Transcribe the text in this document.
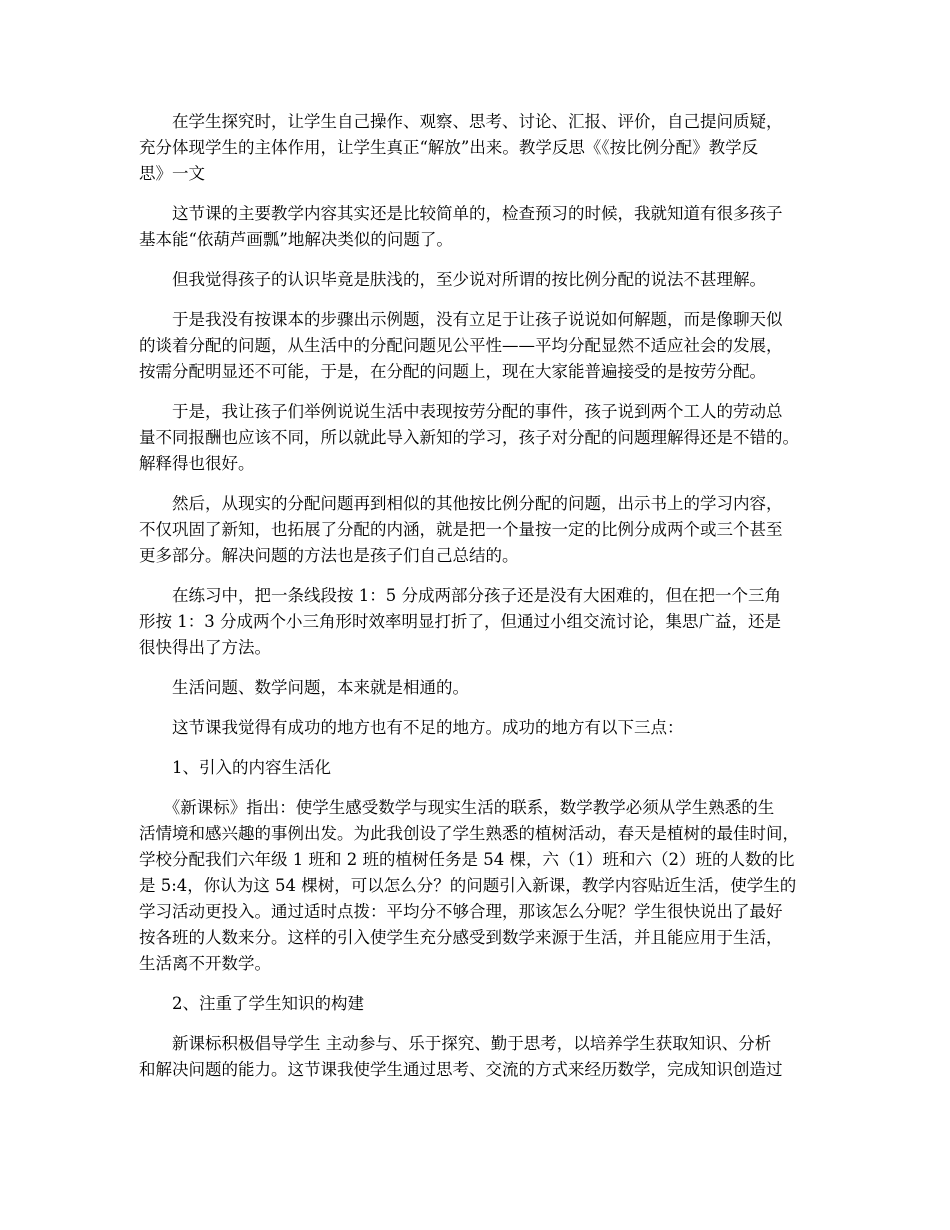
　　在学生探究时，让学生自己操作、观察、思考、讨论、汇报、评价，自己提问质疑，
充分体现学生的主体作用，让学生真正“解放”出来。教学反思《《按比例分配》教学反
思》一文

　　这节课的主要教学内容其实还是比较简单的，检查预习的时候，我就知道有很多孩子
基本能“依葫芦画瓢”地解决类似的问题了。

　　但我觉得孩子的认识毕竟是肤浅的，至少说对所谓的按比例分配的说法不甚理解。

　　于是我没有按课本的步骤出示例题，没有立足于让孩子说说如何解题，而是像聊天似
的谈着分配的问题，从生活中的分配问题见公平性——平均分配显然不适应社会的发展，
按需分配明显还不可能，于是，在分配的问题上，现在大家能普遍接受的是按劳分配。

　　于是，我让孩子们举例说说生活中表现按劳分配的事件，孩子说到两个工人的劳动总
量不同报酬也应该不同，所以就此导入新知的学习，孩子对分配的问题理解得还是不错的。
解释得也很好。

　　然后，从现实的分配问题再到相似的其他按比例分配的问题，出示书上的学习内容，
不仅巩固了新知，也拓展了分配的内涵，就是把一个量按一定的比例分成两个或三个甚至
更多部分。解决问题的方法也是孩子们自己总结的。

　　在练习中，把一条线段按 1：5 分成两部分孩子还是没有大困难的，但在把一个三角
形按 1：3 分成两个小三角形时效率明显打折了，但通过小组交流讨论，集思广益，还是
很快得出了方法。

　　生活问题、数学问题，本来就是相通的。

　　这节课我觉得有成功的地方也有不足的地方。成功的地方有以下三点：

　　1、引入的内容生活化

　　《新课标》指出：使学生感受数学与现实生活的联系，数学教学必须从学生熟悉的生
活情境和感兴趣的事例出发。为此我创设了学生熟悉的植树活动，春天是植树的最佳时间，
学校分配我们六年级 1 班和 2 班的植树任务是 54 棵，六（1）班和六（2）班的人数的比
是 5:4，你认为这 54 棵树，可以怎么分？的问题引入新课，教学内容贴近生活，使学生的
学习活动更投入。通过适时点拨：平均分不够合理，那该怎么分呢？学生很快说出了最好
按各班的人数来分。这样的引入使学生充分感受到数学来源于生活，并且能应用于生活，
生活离不开数学。

　　2、注重了学生知识的构建

　　新课标积极倡导学生 主动参与、乐于探究、勤于思考，以培养学生获取知识、分析
和解决问题的能力。这节课我使学生通过思考、交流的方式来经历数学，完成知识创造过
